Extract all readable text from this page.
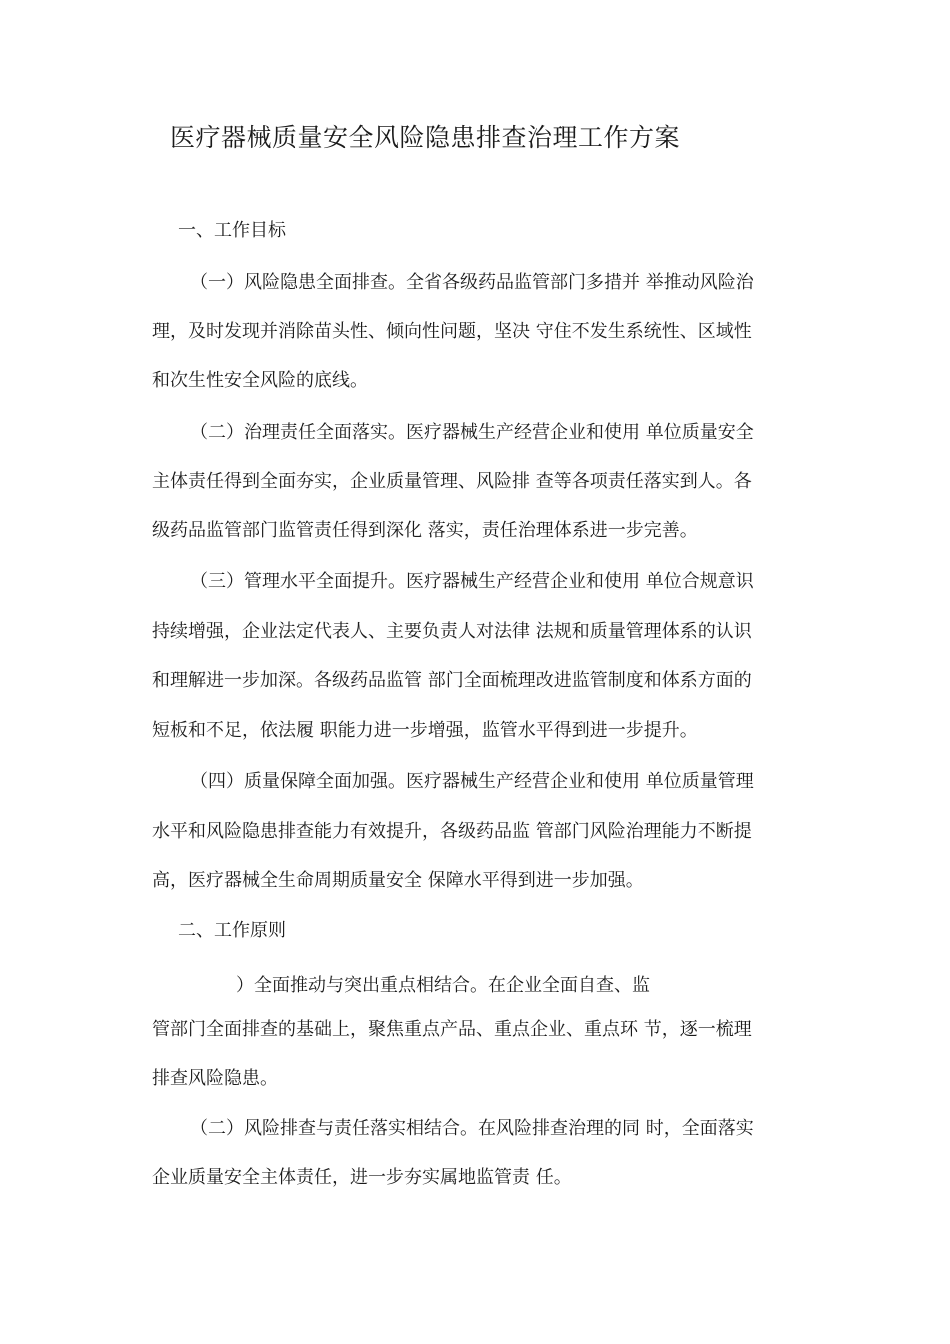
医疗器械质量安全风险隐患排查治理工作方案
一、工作目标
（一）风险隐患全面排查。全省各级药品监管部门多措并 举推动风险治
理，及时发现并消除苗头性、倾向性问题，坚决 守住不发生系统性、区域性
和次生性安全风险的底线。
（二）治理责任全面落实。医疗器械生产经营企业和使用 单位质量安全
主体责任得到全面夯实，企业质量管理、风险排 查等各项责任落实到人。各
级药品监管部门监管责任得到深化 落实，责任治理体系进一步完善。
（三）管理水平全面提升。医疗器械生产经营企业和使用 单位合规意识
持续增强，企业法定代表人、主要负责人对法律 法规和质量管理体系的认识
和理解进一步加深。各级药品监管 部门全面梳理改进监管制度和体系方面的
短板和不足，依法履 职能力进一步增强，监管水平得到进一步提升。
（四）质量保障全面加强。医疗器械生产经营企业和使用 单位质量管理
水平和风险隐患排查能力有效提升，各级药品监 管部门风险治理能力不断提
高，医疗器械全生命周期质量安全 保障水平得到进一步加强。
二、工作原则
）全面推动与突出重点相结合。在企业全面自查、监
管部门全面排查的基础上，聚焦重点产品、重点企业、重点环 节，逐一梳理
排查风险隐患。
（二）风险排查与责任落实相结合。在风险排查治理的同 时，全面落实
企业质量安全主体责任，进一步夯实属地监管责 任。
